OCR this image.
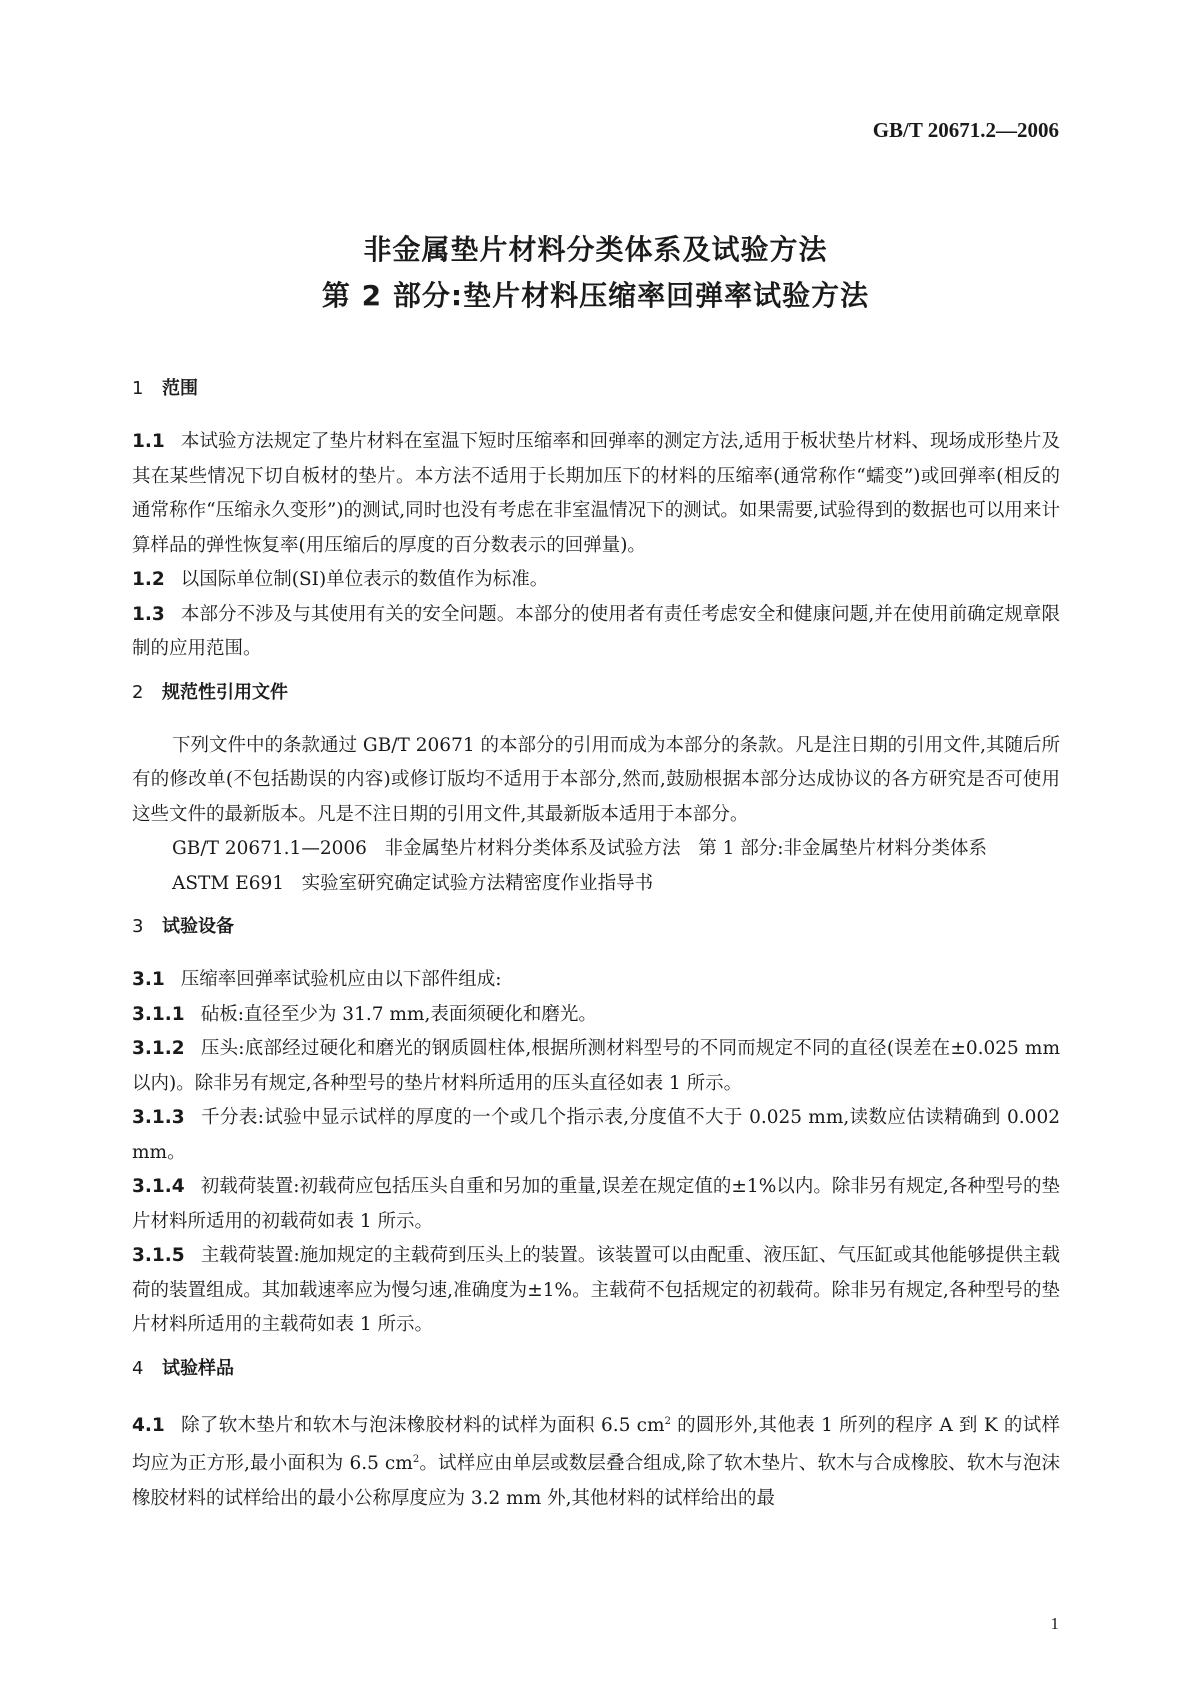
GB/T 20671.2—2006
非金属垫片材料分类体系及试验方法
第 2 部分:垫片材料压缩率回弹率试验方法
1 范围

1.1 本试验方法规定了垫片材料在室温下短时压缩率和回弹率的测定方法,适用于板状垫片材料、现场成形垫片及其在某些情况下切自板材的垫片。本方法不适用于长期加压下的材料的压缩率(通常称作“蠕变”)或回弹率(相反的通常称作“压缩永久变形”)的测试,同时也没有考虑在非室温情况下的测试。如果需要,试验得到的数据也可以用来计算样品的弹性恢复率(用压缩后的厚度的百分数表示的回弹量)。

1.2 以国际单位制(SI)单位表示的数值作为标准。

1.3 本部分不涉及与其使用有关的安全问题。本部分的使用者有责任考虑安全和健康问题,并在使用前确定规章限制的应用范围。

2 规范性引用文件

下列文件中的条款通过 GB/T 20671 的本部分的引用而成为本部分的条款。凡是注日期的引用文件,其随后所有的修改单(不包括勘误的内容)或修订版均不适用于本部分,然而,鼓励根据本部分达成协议的各方研究是否可使用这些文件的最新版本。凡是不注日期的引用文件,其最新版本适用于本部分。

GB/T 20671.1—2006   非金属垫片材料分类体系及试验方法   第 1 部分:非金属垫片材料分类体系

ASTM E691   实验室研究确定试验方法精密度作业指导书

3 试验设备

3.1 压缩率回弹率试验机应由以下部件组成:

3.1.1 砧板:直径至少为 31.7 mm,表面须硬化和磨光。

3.1.2 压头:底部经过硬化和磨光的钢质圆柱体,根据所测材料型号的不同而规定不同的直径(误差在±0.025 mm 以内)。除非另有规定,各种型号的垫片材料所适用的压头直径如表 1 所示。

3.1.3 千分表:试验中显示试样的厚度的一个或几个指示表,分度值不大于 0.025 mm,读数应估读精确到 0.002 mm。

3.1.4 初载荷装置:初载荷应包括压头自重和另加的重量,误差在规定值的±1%以内。除非另有规定,各种型号的垫片材料所适用的初载荷如表 1 所示。

3.1.5 主载荷装置:施加规定的主载荷到压头上的装置。该装置可以由配重、液压缸、气压缸或其他能够提供主载荷的装置组成。其加载速率应为慢匀速,准确度为±1%。主载荷不包括规定的初载荷。除非另有规定,各种型号的垫片材料所适用的主载荷如表 1 所示。

4 试验样品

4.1 除了软木垫片和软木与泡沫橡胶材料的试样为面积 6.5 $cm^2$ 的圆形外,其他表 1 所列的程序 A 到 K 的试样均应为正方形,最小面积为 6.5 $cm^2$。试样应由单层或数层叠合组成,除了软木垫片、软木与合成橡胶、软木与泡沫橡胶材料的试样给出的最小公称厚度应为 3.2 mm 外,其他材料的试样给出的最

1
